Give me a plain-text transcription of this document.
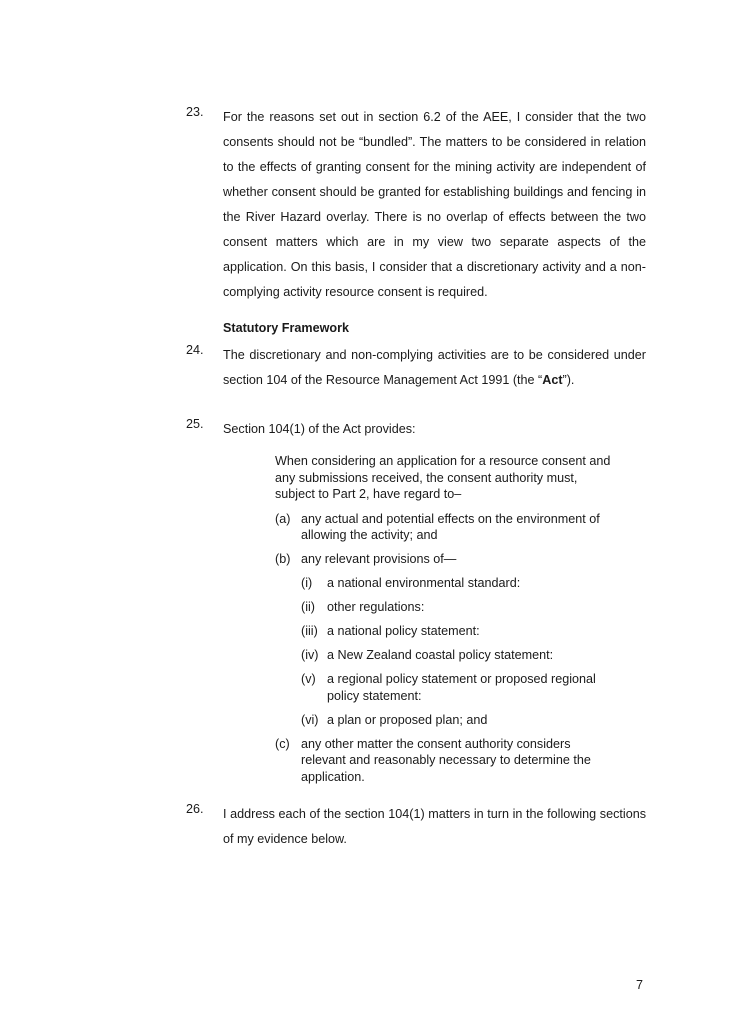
23. For the reasons set out in section 6.2 of the AEE, I consider that the two consents should not be “bundled”. The matters to be considered in relation to the effects of granting consent for the mining activity are independent of whether consent should be granted for establishing buildings and fencing in the River Hazard overlay. There is no overlap of effects between the two consent matters which are in my view two separate aspects of the application. On this basis, I consider that a discretionary activity and a non-complying activity resource consent is required.
Statutory Framework
24. The discretionary and non-complying activities are to be considered under section 104 of the Resource Management Act 1991 (the “Act”).
25. Section 104(1) of the Act provides:
When considering an application for a resource consent and any submissions received, the consent authority must, subject to Part 2, have regard to–
(a) any actual and potential effects on the environment of allowing the activity; and
(b) any relevant provisions of—
(i) a national environmental standard:
(ii) other regulations:
(iii) a national policy statement:
(iv) a New Zealand coastal policy statement:
(v) a regional policy statement or proposed regional policy statement:
(vi) a plan or proposed plan; and
(c) any other matter the consent authority considers relevant and reasonably necessary to determine the application.
26. I address each of the section 104(1) matters in turn in the following sections of my evidence below.
7
